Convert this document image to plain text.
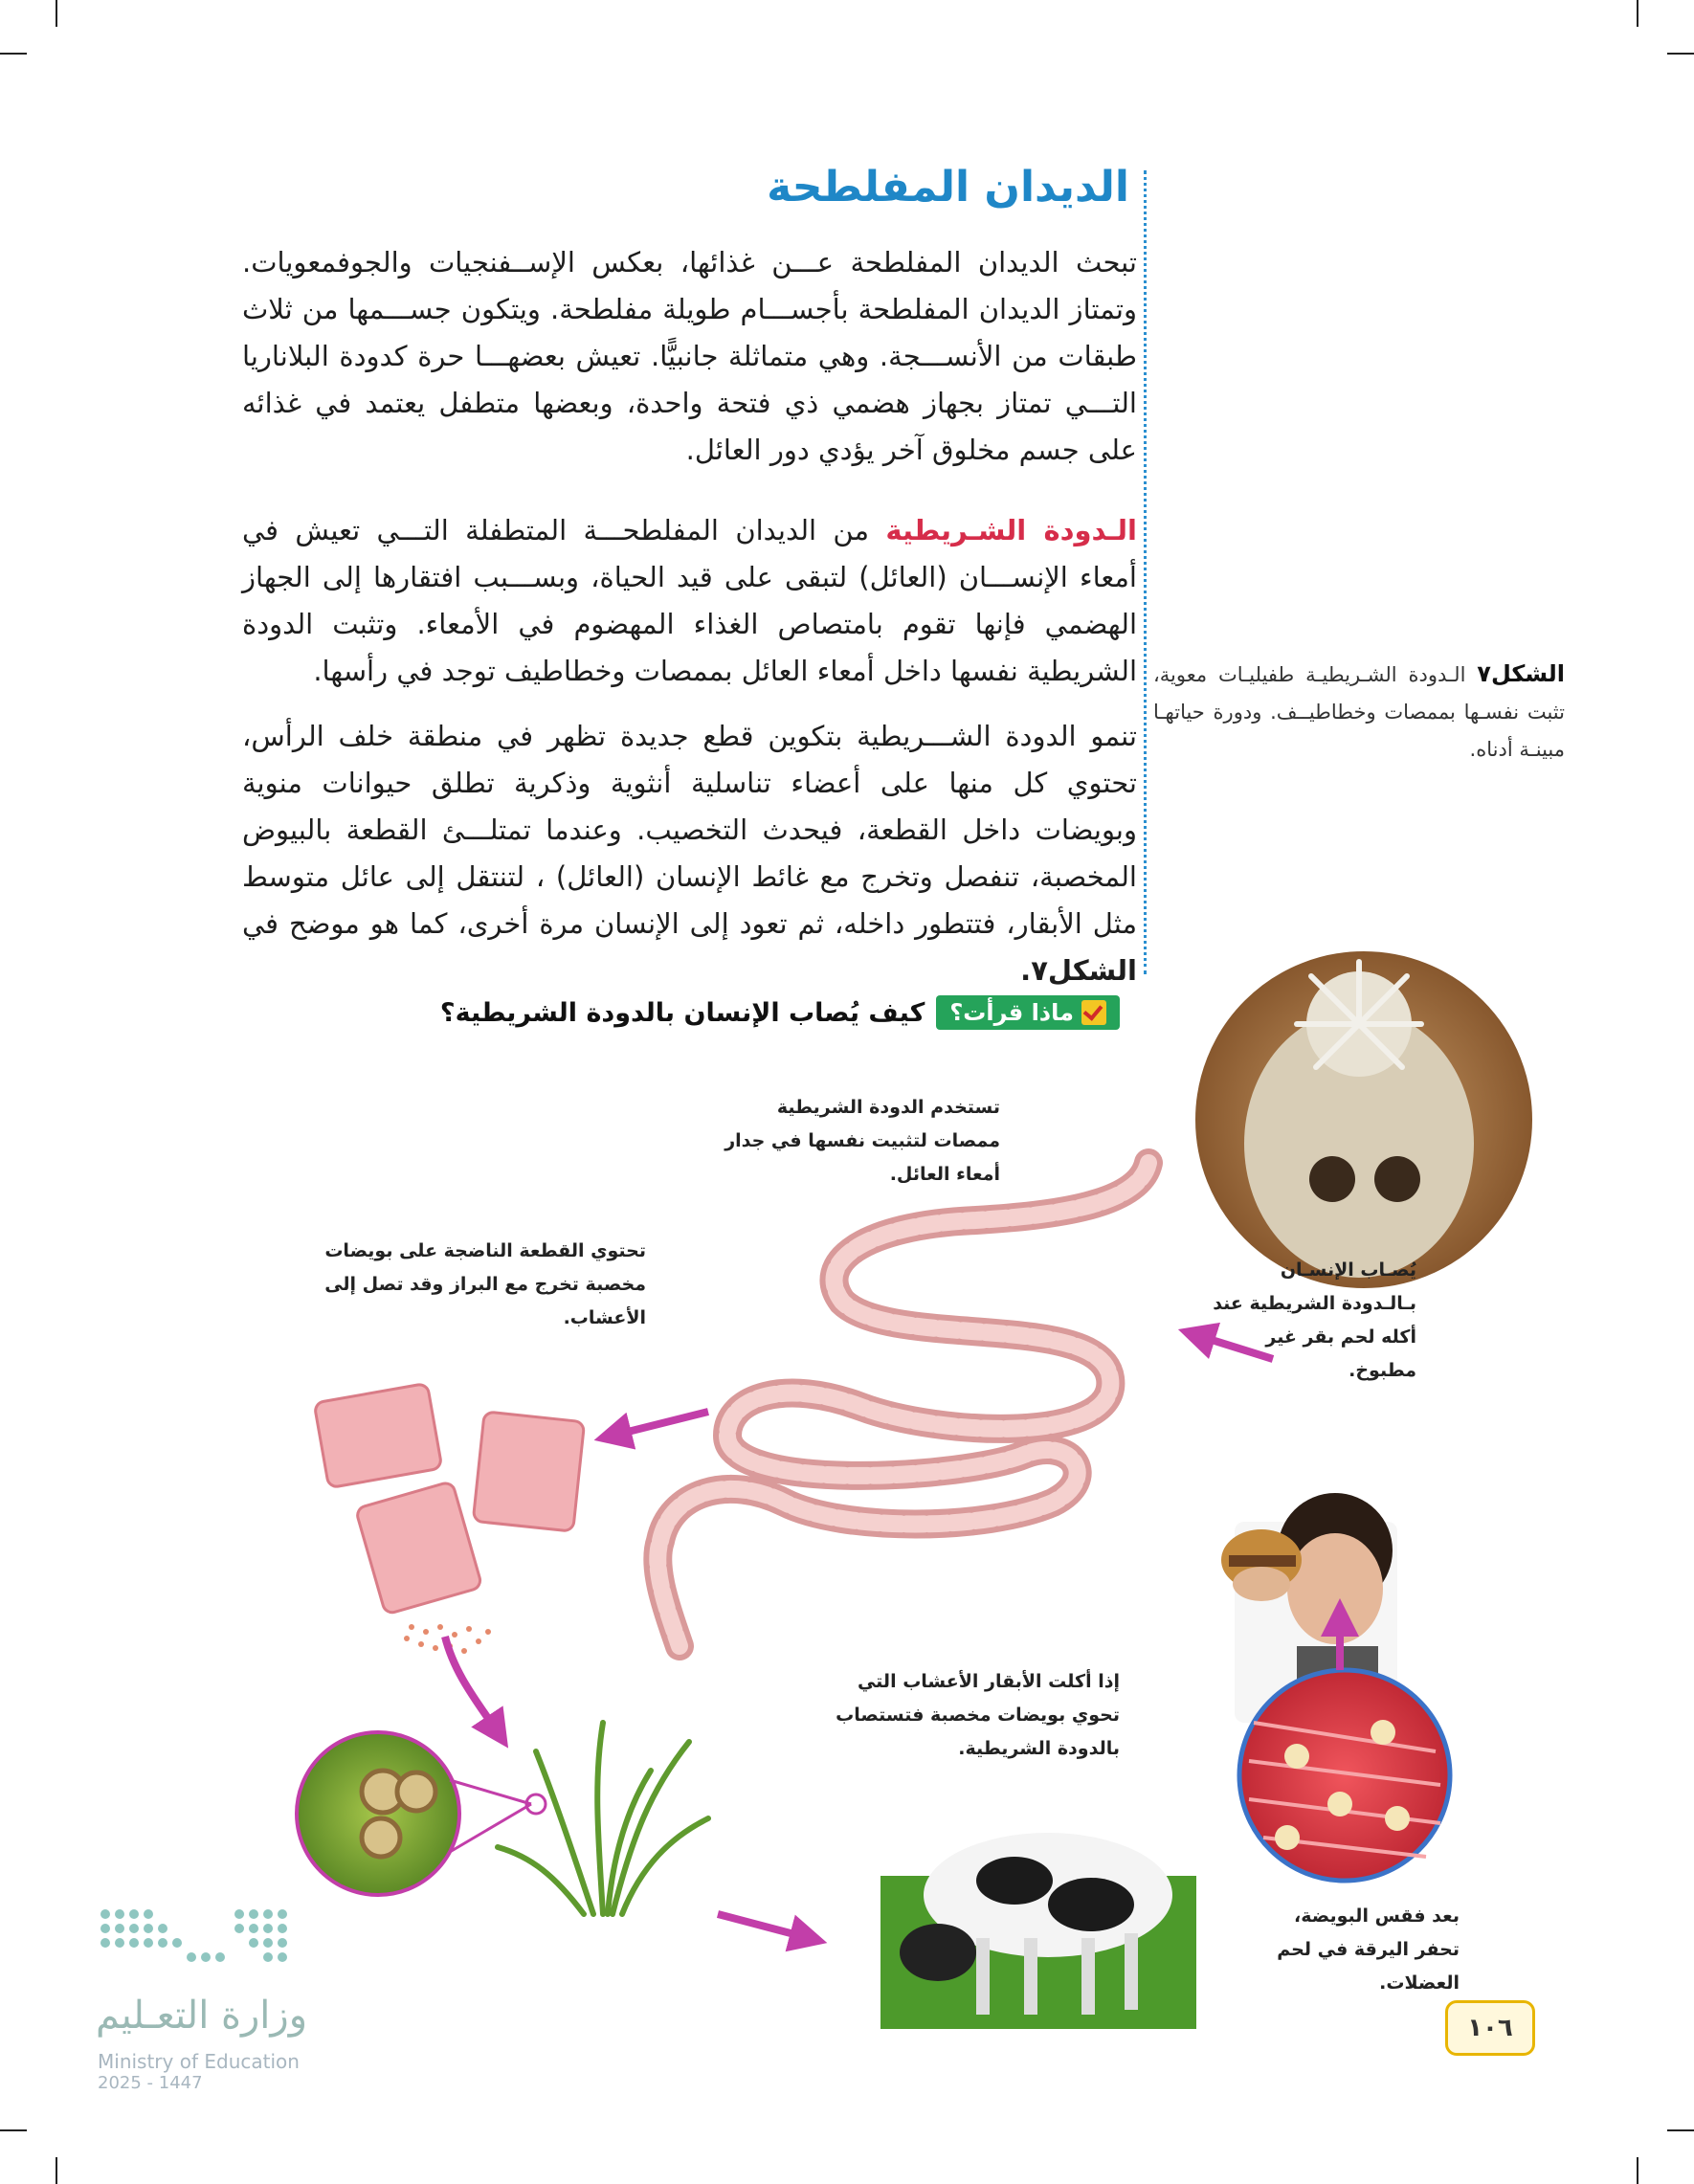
الديدان المفلطحة
تبحث الديدان المفلطحة عـــن غذائها، بعكس الإســفنجيات والجوفمعويات. وتمتاز الديدان المفلطحة بأجســـام طويلة مفلطحة. ويتكون جســـمها من ثلاث طبقات من الأنســـجة. وهي متماثلة جانبيًّا. تعيش بعضهـــا حرة كدودة البلاناريا التـــي تمتاز بجهاز هضمي ذي فتحة واحدة، وبعضها متطفل يعتمد في غذائه على جسم مخلوق آخر يؤدي دور العائل.
الـدودة الشـريطية من الديدان المفلطحـــة المتطفلة التـــي تعيش في أمعاء الإنســـان (العائل) لتبقى على قيد الحياة، وبســـبب افتقارها إلى الجهاز الهضمي فإنها تقوم بامتصاص الغذاء المهضوم في الأمعاء. وتثبت الدودة الشريطية نفسها داخل أمعاء العائل بممصات وخطاطيف توجد في رأسها.
تنمو الدودة الشـــريطية بتكوين قطع جديدة تظهر في منطقة خلف الرأس، تحتوي كل منها على أعضاء تناسلية أنثوية وذكرية تطلق حيوانات منوية وبويضات داخل القطعة، فيحدث التخصيب. وعندما تمتلـــئ القطعة بالبيوض المخصبة، تنفصل وتخرج مع غائط الإنسان (العائل) ، لتنتقل إلى عائل متوسط مثل الأبقار، فتتطور داخله، ثم تعود إلى الإنسان مرة أخرى، كما هو موضح في الشكل٧.
الشكل٧ الـدودة الشـريطيـة طفيليـات معوية، تثبت نفسـها بممصات وخطاطيــف. ودورة حياتهـا مبينـة أدناه.
ماذا قرأت؟
كيف يُصاب الإنسان بالدودة الشريطية؟
تستخدم الدودة الشريطية ممصات لتثبيت نفسها في جدار أمعاء العائل.
تحتوي القطعة الناضجة على بويضات مخصبة تخرج مع البراز وقد تصل إلى الأعشاب.
يُصـاب الإنسـان بـالـدودة الشريطية عند أكله لحم بقر غير مطبوخ.
إذا أكلت الأبقار الأعشاب التي تحوي بويضات مخصبة فتستصاب بالدودة الشريطية.
بعد فقس البويضة، تحفر اليرقة في لحم العضلات.
وزارة التعـليم
Ministry of Education
2025 - 1447
١٠٦
